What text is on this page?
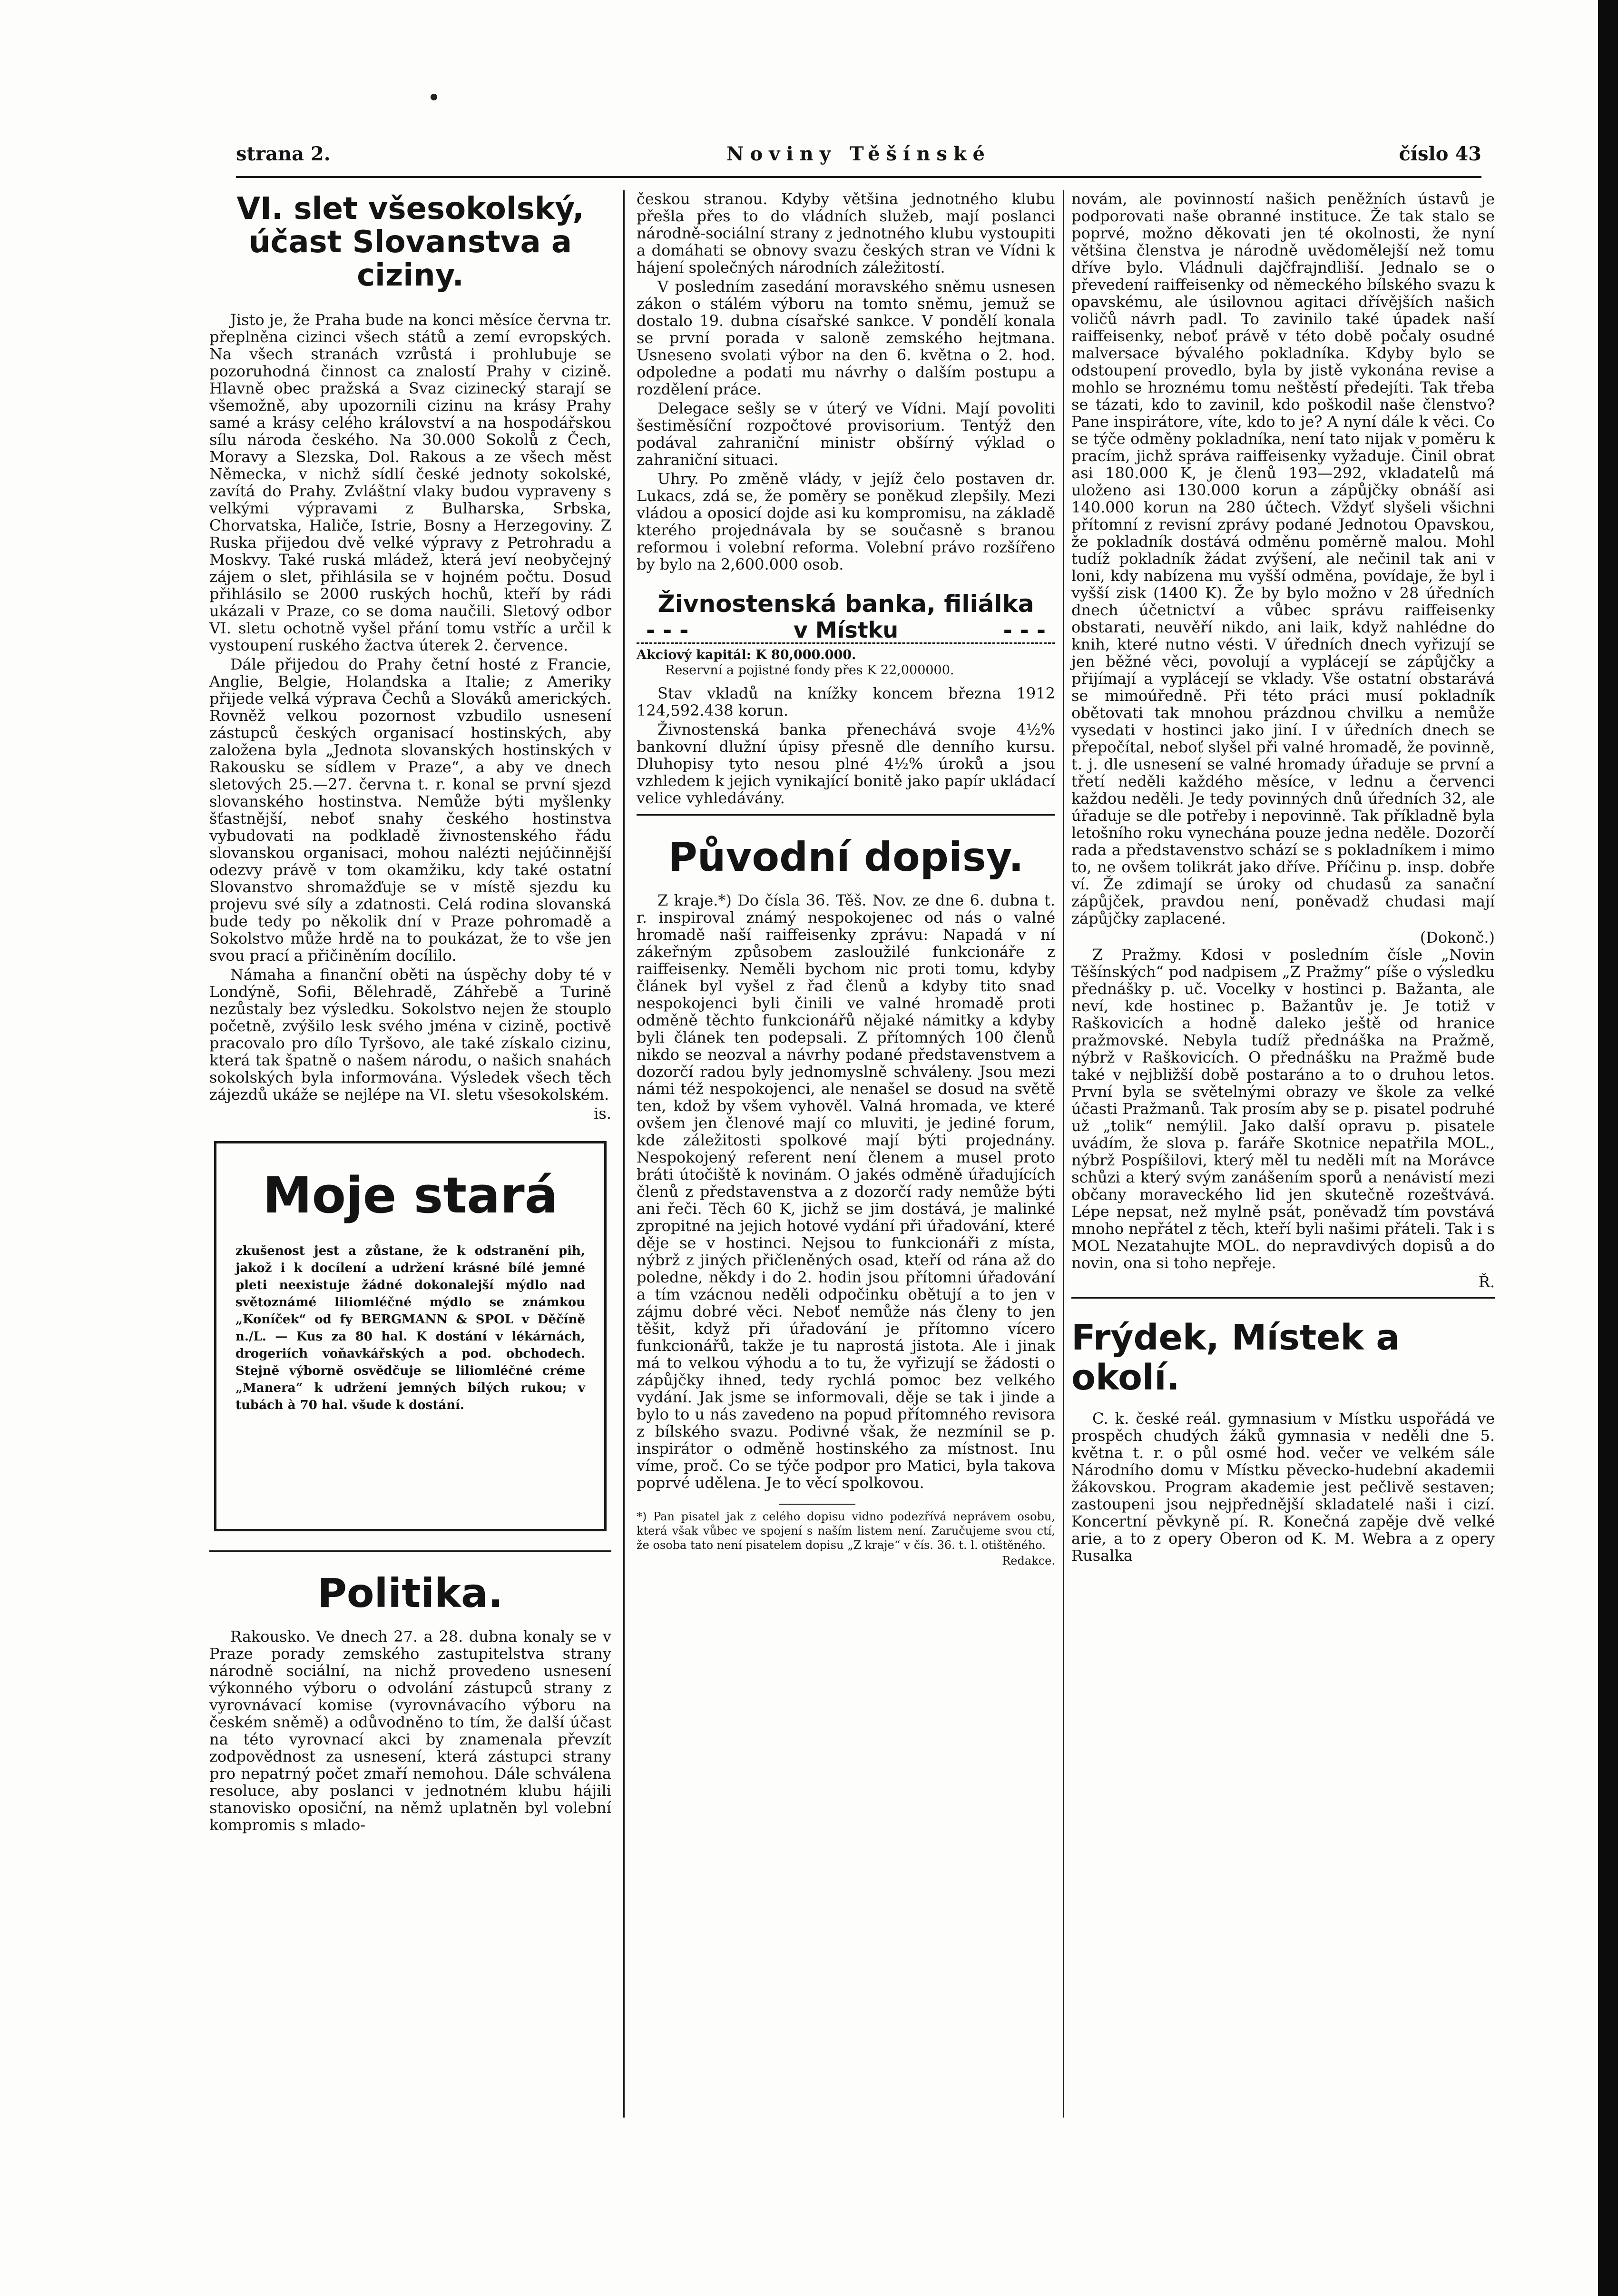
strana 2.	Noviny Těšínské	číslo 43
VI. slet všesokolský, účast Slovanstva a ciziny.

Jisto je, že Praha bude na konci měsíce června tr. přeplněna cizinci všech států a zemí evropských. Na všech stranách vzrůstá i prohlubuje se pozoruhodná činnost ca znalostí Prahy v cizině. Hlavně obec pražská a Svaz cizinecký starají se všemožně, aby upozornili cizinu na krásy Prahy samé a krásy celého království a na hospodářskou sílu národa českého. Na 30.000 Sokolů z Čech, Moravy a Slezska, Dol. Rakous a ze všech měst Německa, v nichž sídlí české jednoty sokolské, zavítá do Prahy. Zvláštní vlaky budou vypraveny s velkými výpravami z Bulharska, Srbska, Chorvatska, Haliče, Istrie, Bosny a Herzegoviny. Z Ruska přijedou dvě velké výpravy z Petrohradu a Moskvy. Také ruská mládež, která jeví neobyčejný zájem o slet, přihlásila se v hojném počtu. Dosud přihlásilo se 2000 ruských hochů, kteří by rádi ukázali v Praze, co se doma naučili. Sletový odbor VI. sletu ochotně vyšel přání tomu vstříc a určil k vystoupení ruského žactva úterek 2. července.

Dále přijedou do Prahy četní hosté z Francie, Anglie, Belgie, Holandska a Italie; z Ameriky přijede velká výprava Čechů a Slováků amerických. Rovněž velkou pozornost vzbudilo usnesení zástupců českých organisací hostinských, aby založena byla „Jednota slovanských hostinských v Rakousku se sídlem v Praze“, a aby ve dnech sletových 25.—27. června t. r. konal se první sjezd slovanského hostinstva. Nemůže býti myšlenky šťastnější, neboť snahy českého hostinstva vybudovati na podkladě živnostenského řádu slovanskou organisaci, mohou nalézti nejúčinnější odezvy právě v tom okamžiku, kdy také ostatní Slovanstvo shromažďuje se v místě sjezdu ku projevu své síly a zdatnosti. Celá rodina slovanská bude tedy po několik dní v Praze pohromadě a Sokolstvo může hrdě na to poukázat, že to vše jen svou prací a přičiněním docílilo.

Námaha a finanční oběti na úspěchy doby té v Londýně, Sofii, Bělehradě, Záhřebě a Turině nezůstaly bez výsledku. Sokolstvo nejen že stouplo početně, zvýšilo lesk svého jména v cizině, poctivě pracovalo pro dílo Tyršovo, ale také získalo cizinu, která tak špatně o našem národu, o našich snahách sokolských byla informována. Výsledek všech těch zájezdů ukáže se nejlépe na VI. sletu všesokolském.

is.
Moje stará
zkušenost jest a zůstane, že k odstranění pih, jakož i k docílení a udržení krásné bílé jemné pleti neexistuje žádné dokonalejší mýdlo nad světoznámé liliomléčné mýdlo se známkou „Koníček“ od fy BERGMANN & SPOL v Děčíně n./L. — Kus za 80 hal. K dostání v lékárnách, drogeriích voňavkářských a pod. obchodech. Stejně výborně osvědčuje se liliomléčné créme „Manera“ k udržení jemných bílých rukou; v tubách à 70 hal. všude k dostání.
Politika.

Rakousko. Ve dnech 27. a 28. dubna konaly se v Praze porady zemského zastupitelstva strany národně sociální, na nichž provedeno usnesení výkonného výboru o odvolání zástupců strany z vyrovnávací komise (vyrovnávacího výboru na českém sněmě) a odůvodněno to tím, že další účast na této vyrovnací akci by znamenala převzít zodpovědnost za usnesení, která zástupci strany pro nepatrný počet zmaří nemohou. Dále schválena resoluce, aby poslanci v jednotném klubu hájili stanovisko oposiční, na němž uplatněn byl volební kompromis s mlado-

českou stranou. Kdyby většina jednotného klubu přešla přes to do vládních služeb, mají poslanci národně-sociální strany z jednotného klubu vystoupiti a domáhati se obnovy svazu českých stran ve Vídni k hájení společných národních záležitostí.

V posledním zasedání moravského sněmu usnesen zákon o stálém výboru na tomto sněmu, jemuž se dostalo 19. dubna císařské sankce. V pondělí konala se první porada v saloně zemského hejtmana. Usneseno svolati výbor na den 6. května o 2. hod. odpoledne a podati mu návrhy o dalším postupu a rozdělení práce.

Delegace sešly se v úterý ve Vídni. Mají povoliti šestiměsíční rozpočtové provisorium. Tentýž den podával zahraniční ministr obšírný výklad o zahraniční situaci.

Uhry. Po změně vlády, v jejíž čelo postaven dr. Lukacs, zdá se, že poměry se poněkud zlepšily. Mezi vládou a oposicí dojde asi ku kompromisu, na základě kterého projednávala by se současně s branou reformou i volební reforma. Volební právo rozšířeno by bylo na 2,600.000 osob.

Živnostenská banka, filiálka
- - -	v Místku	- - -
Akciový kapitál: K 80,000.000.
Reservní a pojistné fondy přes K 22,000000.

Stav vkladů na knížky koncem března 1912 124,592.438 korun.

Živnostenská banka přenechává svoje 4½% bankovní dlužní úpisy přesně dle denního kursu. Dluhopisy tyto nesou plné 4½% úroků a jsou vzhledem k jejich vynikající bonitě jako papír ukládací velice vyhledávány.

Původní dopisy.

Z kraje.*) Do čísla 36. Těš. Nov. ze dne 6. dubna t. r. inspiroval známý nespokojenec od nás o valné hromadě naší raiffeisenky zprávu: Napadá v ní zákeřným způsobem zasloužilé funkcionáře z raiffeisenky. Neměli bychom nic proti tomu, kdyby článek byl vyšel z řad členů a kdyby tito snad nespokojenci byli činili ve valné hromadě proti odměně těchto funkcionářů nějaké námitky a kdyby byli článek ten podepsali. Z přítomných 100 členů nikdo se neozval a návrhy podané představenstvem a dozorčí radou byly jednomyslně schváleny. Jsou mezi námi též nespokojenci, ale nenašel se dosud na světě ten, kdož by všem vyhověl. Valná hromada, ve které ovšem jen členové mají co mluviti, je jediné forum, kde záležitosti spolkové mají býti projednány. Nespokojený referent není členem a musel proto bráti útočiště k novinám. O jakés odměně úřadujících členů z představenstva a z dozorčí rady nemůže býti ani řeči. Těch 60 K, jichž se jim dostává, je malinké zpropitné na jejich hotové vydání při úřadování, které děje se v hostinci. Nejsou to funkcionáři z místa, nýbrž z jiných přičleněných osad, kteří od rána až do poledne, někdy i do 2. hodin jsou přítomni úřadování a tím vzácnou neděli odpočinku obětují a to jen v zájmu dobré věci. Neboť nemůže nás členy to jen těšit, když při úřadování je přítomno vícero funkcionářů, takže je tu naprostá jistota. Ale i jinak má to velkou výhodu a to tu, že vyřizují se žádosti o zápůjčky ihned, tedy rychlá pomoc bez velkého vydání. Jak jsme se informovali, děje se tak i jinde a bylo to u nás zavedeno na popud přítomného revisora z bílského svazu. Podivné však, že nezmínil se p. inspirátor o odměně hostinského za místnost. Inu víme, proč. Co se týče podpor pro Matici, byla takova poprvé udělena. Je to věcí spolkovou.

*) Pan pisatel jak z celého dopisu vidno podezřívá neprávem osobu, která však vůbec ve spojení s naším listem není. Zaručujeme svou ctí, že osoba tato není pisatelem dopisu „Z kraje“ v čís. 36. t. l. otištěného.
Redakce.

novám, ale povinností našich peněžních ústavů je podporovati naše obranné instituce. Že tak stalo se poprvé, možno děkovati jen té okolnosti, že nyní většina členstva je národně uvědomělejší než tomu dříve bylo. Vládnuli dajčfrajndliší. Jednalo se o převedení raiffeisenky od německého bílského svazu k opavskému, ale úsilovnou agitaci dřívějších našich voličů návrh padl. To zavinilo také úpadek naší raiffeisenky, neboť právě v této době počaly osudné malversace bývalého pokladníka. Kdyby bylo se odstoupení provedlo, byla by jistě vykonána revise a mohlo se hroznému tomu neštěstí předejíti. Tak třeba se tázati, kdo to zavinil, kdo poškodil naše členstvo? Pane inspirátore, víte, kdo to je? A nyní dále k věci. Co se týče odměny pokladníka, není tato nijak v poměru k pracím, jichž správa raiffeisenky vyžaduje. Činil obrat asi 180.000 K, je členů 193—292, vkladatelů má uloženo asi 130.000 korun a zápůjčky obnáší asi 140.000 korun na 280 účtech. Vždyť slyšeli všichni přítomní z revisní zprávy podané Jednotou Opavskou, že pokladník dostává odměnu poměrně malou. Mohl tudíž pokladník žádat zvýšení, ale nečinil tak ani v loni, kdy nabízena mu vyšší odměna, povídaje, že byl i vyšší zisk (1400 K). Že by bylo možno v 28 úředních dnech účetnictví a vůbec správu raiffeisenky obstarati, neuvěří nikdo, ani laik, když nahlédne do knih, které nutno vésti. V úředních dnech vyřizují se jen běžné věci, povolují a vyplácejí se zápůjčky a přijímají a vyplácejí se vklady. Vše ostatní obstarává se mimoúředně. Při této práci musí pokladník obětovati tak mnohou prázdnou chvilku a nemůže vysedati v hostinci jako jiní. I v úředních dnech se přepočítal, neboť slyšel při valné hromadě, že povinně, t. j. dle usnesení se valné hromady úřaduje se první a třetí neděli každého měsíce, v lednu a červenci každou neděli. Je tedy povinných dnů úředních 32, ale úřaduje se dle potřeby i nepovinně. Tak příkladně byla letošního roku vynechána pouze jedna neděle. Dozorčí rada a představenstvo schází se s pokladníkem i mimo to, ne ovšem tolikrát jako dříve. Příčinu p. insp. dobře ví. Že zdimají se úroky od chudasů za sanační zápůjček, pravdou není, poněvadž chudasi mají zápůjčky zaplacené.

(Dokonč.)

Z Pražmy. Kdosi v posledním čísle „Novin Těšínských“ pod nadpisem „Z Pražmy“ píše o výsledku přednášky p. uč. Vocelky v hostinci p. Bažanta, ale neví, kde hostinec p. Bažantův je. Je totiž v Raškovicích a hodně daleko ještě od hranice pražmovské. Nebyla tudíž přednáška na Pražmě, nýbrž v Raškovicích. O přednášku na Pražmě bude také v nejbližší době postaráno a to o druhou letos. První byla se světelnými obrazy ve škole za velké účasti Pražmanů. Tak prosím aby se p. pisatel podruhé už „tolik“ nemýlil. Jako další opravu p. pisatele uvádím, že slova p. faráře Skotnice nepatřila MOL., nýbrž Pospíšilovi, který měl tu neděli mít na Morávce schůzi a který svým zanášením sporů a nenávistí mezi občany moraveckého lid jen skutečně rozeštvává. Lépe nepsat, než mylně psát, poněvadž tím povstává mnoho nepřátel z těch, kteří byli našimi přáteli. Tak i s MOL Nezatahujte MOL. do nepravdivých dopisů a do novin, ona si toho nepřeje.

Ř.
Frýdek, Místek a okolí.

C. k. české reál. gymnasium v Místku uspořádá ve prospěch chudých žáků gymnasia v neděli dne 5. května t. r. o půl osmé hod. večer ve velkém sále Národního domu v Místku pěvecko-hudební akademii žákovskou. Program akademie jest pečlivě sestaven; zastoupeni jsou nejpřednější skladatelé naši i cizí. Koncertní pěvkyně pí. R. Konečná zapěje dvě velké arie, a to z opery Oberon od K. M. Webra a z opery Rusalka
